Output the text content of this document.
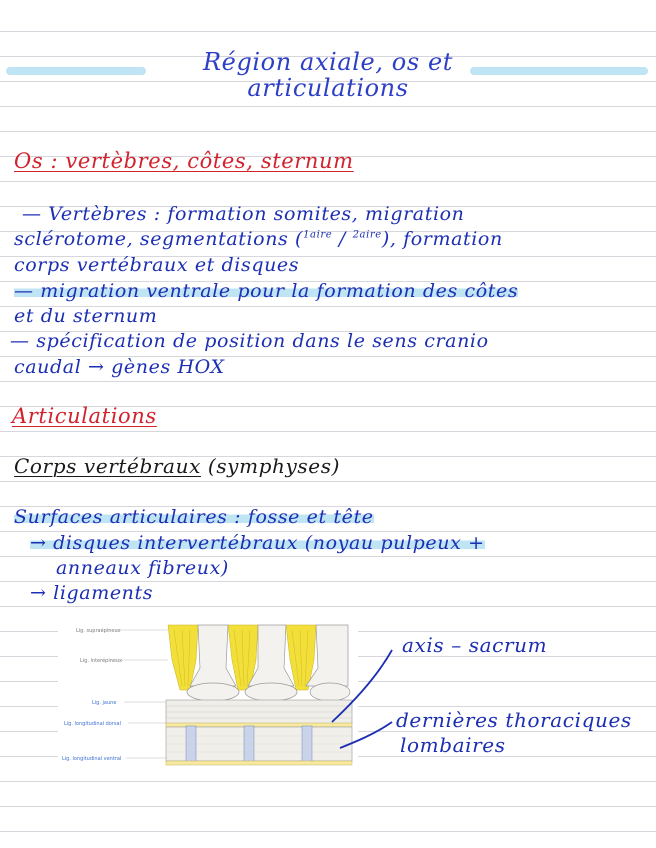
Région axiale, os et
articulations
Os : vertèbres, côtes, sternum
— Vertèbres : formation somites, migration
sclérotome, segmentations ($^{1aire}$ / $^{2aire}$), formation
corps vertébraux et disques
— migration ventrale pour la formation des côtes
et du sternum
— spécification de position dans le sens cranio
caudal → gènes HOX
Articulations
Corps vertébraux (symphyses)
Surfaces articulaires : fosse et tête
→ disques intervertébraux (noyau pulpeux +
anneaux fibreux)
→ ligaments
Lig. supraépineux
Lig. interépineux
Lig. jaune
Lig. longitudinal dorsal
Lig. longitudinal ventral
axis – sacrum
dernières thoraciques
lombaires
